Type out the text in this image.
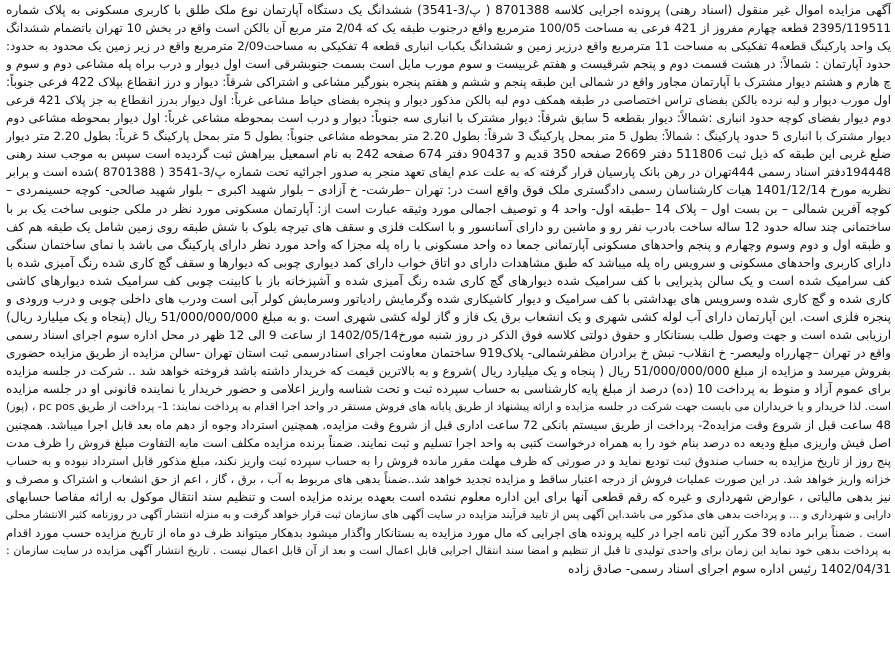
آگهی مزایده اموال غیر منقول (اسناد رهنی) پرونده اجرایی کلاسه 8701388 ( پ/3-3541) ششدانگ یک دستگاه آپارتمان نوع ملک طلق با کاربری مسکونی به پلاک شماره
2395/119511 قطعه چهارم مفروز از 421 فرعی به مساحت 100/05 مترمربع واقع درجنوب طبقه یک که 2/04 متر مربع آن بالکن است واقع در بخش 10 تهران باتضمام ششدانگ
یک واحد پارکینگ قطعه4 تفکیکی به مساحت 11 مترمربع واقع درزیر زمین و ششدانگ یکباب انباری قطعه 4 تفکیکی به مساحت2/09 مترمربع واقع در زیر زمین یک محدود به حدود:
حدود آپارتمان : شمالاً: در هشت قسمت دوم و پنجم شرقیست و هفتم غربیست و سوم مورب مایل است بسمت جنوبشرقی است اول دیوار و درب براه پله مشاعی دوم و سوم و
چ هارم و هشتم دیوار مشترک با آپارتمان مجاور واقع در شمالی این طبقه پنجم و ششم و هفتم پنجره بنورگیر مشاعی و اشتراکی شرقاً: دیوار و درز انقطاع بپلاک 422 فرعی جنوباً:
اول مورب دیوار و لبه نرده بالکن بفضای تراس اختصاصی در طبقه همکف دوم لبه بالکن مذکور دیوار و پنجره بفضای حیاط مشاعی غرباً: اول دیوار بدرز انقطاع به جز پلاک 421 فرعی
دوم دیوار بفضای کوچه حدود انباری :شمالاً: دیوار بقطعه 5 سابق شرقاً: دیوار مشترک با انباری سه جنوباً: دیوار و درب است بمحوطه مشاعی غرباً: اول دیوار بمحوطه مشاعی دوم
دیوار مشترک با انباری 5 حدود پارکینگ : شمالاً: بطول 5 متر بمحل پارکینگ 3 شرقاً: بطول 2.20 متر بمحوطه مشاعی جنوباً: بطول 5 متر بمحل پارکینگ 5 غرباً: بطول 2.20 متر دیوار
ضلع غربی این طبقه که ذیل ثبت 511806 دفتر 2669 صفحه 350 قدیم و 90437 دفتر 674 صفحه 242 به نام اسمعیل بیراهش ثبت گردیده است سپس به موجب سند رهنی
194448دفتر اسناد رسمی 444تهران در رهن بانک پارسیان قرار گرفته که به علت عدم ایفای تعهد منجر به صدور اجرائیه تحت شماره پ/3-3541 ( 8701388 )شده است و برابر
نظریه مورخ 1401/12/14 هیات کارشناسان رسمی دادگستری ملک فوق واقع است در: تهران –طرشت- خ آزادی – بلوار شهید اکبری – بلوار شهید صالحی- کوچه حسینمردی –
کوچه آفرین شمالی – بن بست اول – پلاک 14 –طبقه اول- واحد 4 و توصیف اجمالی مورد وثیقه عبارت است از: آپارتمان مسکونی مورد نظر در ملکی جنوبی ساخت یک بر با
ساختمانی چند ساله حدود 12 ساله ساخت بادرب نفر رو و ماشین رو دارای آسانسور و با اسکلت فلزی و سقف های تیرچه بلوک با شش طبقه روی زمین شامل یک طبقه هم کف
و طبقه اول و دوم وسوم وچهارم و پنجم واحدهای مسکونی آپارتمانی جمعا ده واحد مسکونی با راه پله مجزا که واحد مورد نظر دارای پارکینگ می باشد با نمای ساختمان سنگی
دارای کاربری واحدهای مسکونی و سرویس راه پله میباشد که طبق مشاهدات دارای دو اتاق خواب دارای کمد دیواری چوبی که دیوارها و سقف گچ کاری شده رنگ آمیزی شده با
کف سرامیک شده است و یک سالن پذیرایی با کف سرامیک شده دیوارهای گچ کاری شده رنگ آمیزی شده و آشپزخانه باز با کابینت چوبی کف سرامیک شده دیوارهای کاشی
کاری شده و گچ کاری شده وسرویس های بهداشتی با کف سرامیک و دیوار کاشیکاری شده وگرمایش رادیاتور وسرمایش کولر آبی است ودرب های داخلی چوبی و درب ورودی و
پنجره فلزی است. این آپارتمان دارای آب لوله کشی شهری و یک انشعاب برق یک فاز و گاز لوله کشی شهری است .و به مبلغ 51/000/000/000 ریال (پنجاه و یک میلیارد ریال)
ارزیابی شده است و جهت وصول طلب بستانکار و حقوق دولتی کلاسه فوق الذکر در روز شنبه مورخ1402/05/14 از ساعت 9 الی 12 ظهر در محل اداره سوم اجرای اسناد رسمی
واقع در تهران –چهارراه ولیعصر- خ انقلاب- نبش خ برادران مظفرشمالی- پلاک919 ساختمان معاونت اجرای اسنادرسمی ثبت استان تهران -سالن مزایده از طریق مزایده حضوری
بفروش میرسد و مزایده از مبلغ 51/000/000/000 ریال ( پنجاه و یک میلیارد ریال )شروع و به بالاترین قیمت که خریدار داشته باشد فروخته خواهد شد .. شرکت در جلسه مزایده
برای عموم آزاد و منوط به پرداخت 10 (ده) درصد از مبلغ پایه کارشناسی به حساب سپرده ثبت و تحت شناسه واریز اعلامی و حضور خریدار یا نماینده قانونی او در جلسه مزایده
است. لذا خریدار و یا خریداران می بایست جهت شرکت در جلسه مزایده و ارائه پیشنهاد از طریق پایانه های فروش مستقر در واحد اجرا اقدام به پرداخت نمایند: 1- پرداخت از طریق pc pos ، (پوز)
48 ساعت قبل از شروع وقت مزایده2- پرداخت از طریق سیستم بانکی 72 ساعت اداری قبل از شروع وقت مزایده. همچنین استرداد وجوه از دهم ماه بعد قابل اجرا میباشد. همچنین
اصل فیش واریزی مبلغ ودیعه ده درصد بنام خود را به همراه درخواست کتبی به واحد اجرا تسلیم و ثبت نمایند. ضمناً برنده مزایده مکلف است مابه التفاوت مبلغ فروش را ظرف مدت
پنج روز از تاریخ مزایده به حساب صندوق ثبت تودیع نماید و در صورتی که ظرف مهلت مقرر مانده فروش را به حساب سپرده ثبت واریز نکند، مبلغ مذکور قابل استرداد نبوده و به حساب
خزانه واریز خواهد شد. در این صورت عملیات فروش از درجه اعتبار ساقط و مزایده تجدید خواهد شد..ضمناً بدهی های مربوط به آب ، برق ، گاز ، اعم از حق انشعاب و اشتراک و مصرف و
نیز بدهی مالیاتی ، عوارض شهرداری و غیره که رقم قطعی آنها برای این اداره معلوم نشده است بعهده برنده مزایده است و تنظیم سند انتقال موکول به ارائه مفاصا حسابهای
دارایی و شهرداری و ... و پرداخت بدهی های مذکور می باشد.این آگهی پس از تایید فرآیند مزایده در سایت آگهی های سازمان ثبت قرار خواهد گرفت و به منزله انتشار آگهی در روزنامه کثیر الانتشار محلی
است . ضمناً برابر ماده 39 مکرر آئین نامه اجرا در کلیه پرونده های اجرایی که مال مورد مزایده به بستانکار واگذار میشود بدهکار میتواند ظرف دو ماه از تاریخ مزایده حسب مورد اقدام
به پرداخت بدهی خود نماید این زمان برای واحدی تولیدی تا قبل از تنظیم و امضا سند انتقال اجرایی قابل اعمال است و بعد از آن قابل اعمال نیست . تاریخ انتشار آگهی مزایده در سایت سازمان :
1402/04/31 رئیس اداره سوم اجرای اسناد رسمی- صادق زاده
